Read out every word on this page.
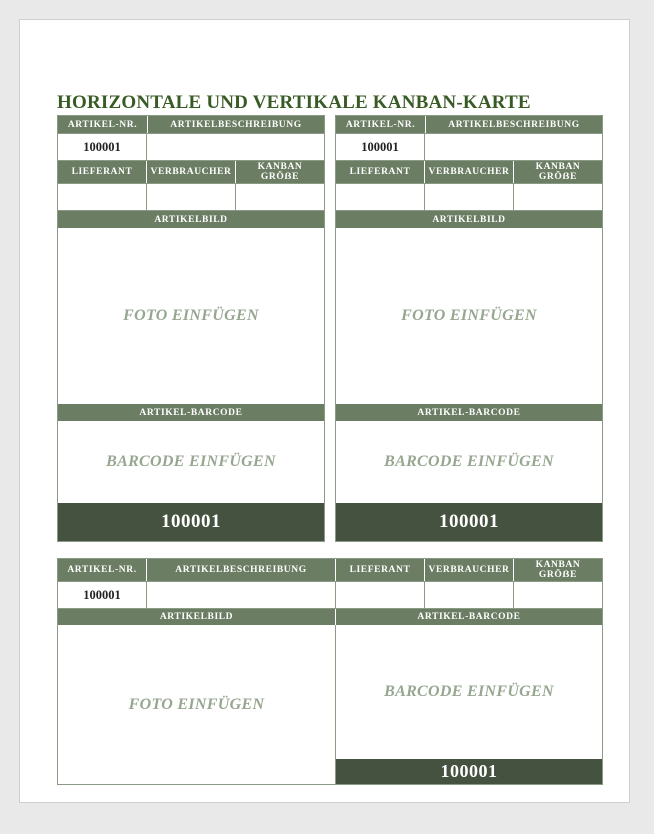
HORIZONTALE UND VERTIKALE KANBAN-KARTE
ARTIKEL-NR.	ARTIKELBESCHREIBUNG
100001
LIEFERANT	VERBRAUCHER	KANBAN GRÖẞE
ARTIKELBILD
FOTO EINFÜGEN
ARTIKEL-BARCODE
BARCODE EINFÜGEN
100001
ARTIKEL-NR.	ARTIKELBESCHREIBUNG
100001
LIEFERANT	VERBRAUCHER	KANBAN GRÖẞE
ARTIKELBILD
FOTO EINFÜGEN
ARTIKEL-BARCODE
BARCODE EINFÜGEN
100001
ARTIKEL-NR.	ARTIKELBESCHREIBUNG	LIEFERANT	VERBRAUCHER	KANBAN GRÖẞE
100001
ARTIKELBILD	ARTIKEL-BARCODE
FOTO EINFÜGEN
BARCODE EINFÜGEN
100001
